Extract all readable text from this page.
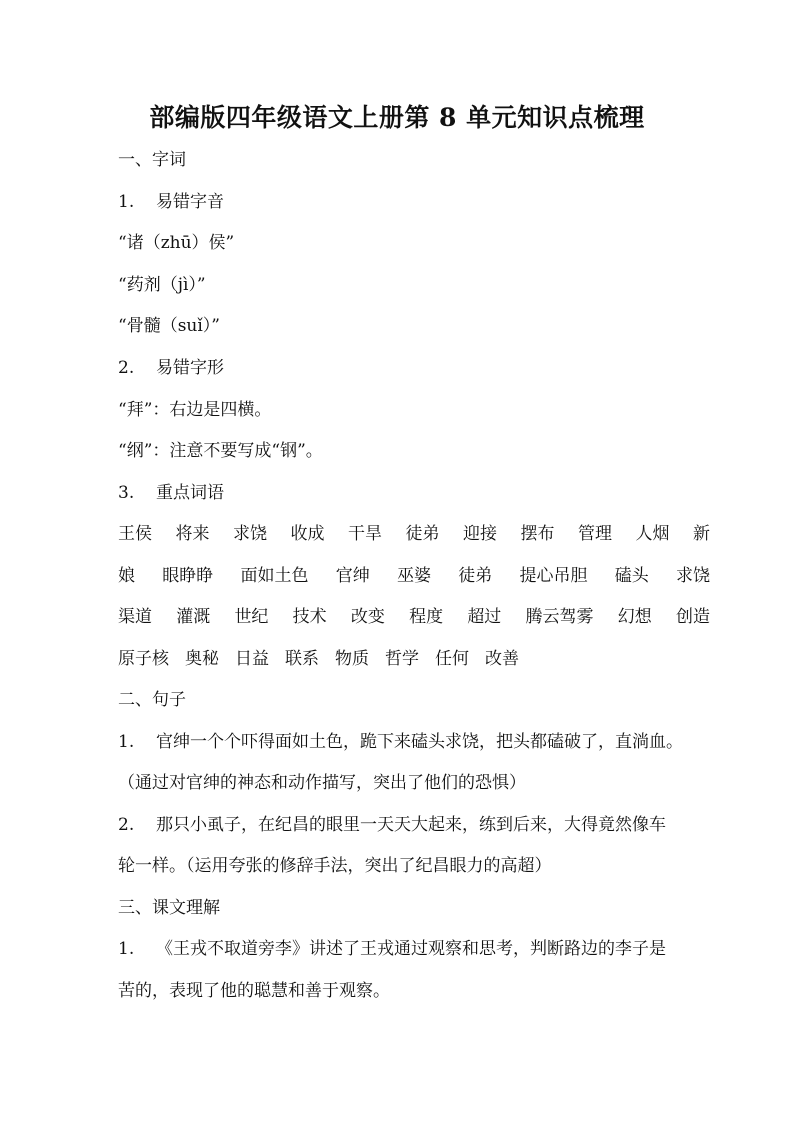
部编版四年级语文上册第 8 单元知识点梳理
一、字词
1. 易错字音
“诸（zhū）侯”
“药剂（jì）”
“骨髓（suǐ）”
2. 易错字形
“拜”：右边是四横。
“纲”：注意不要写成“钢”。
3. 重点词语
王侯 将来 求饶 收成 干旱 徒弟 迎接 摆布 管理 人烟 新
娘 眼睁睁 面如土色 官绅 巫婆 徒弟 提心吊胆 磕头 求饶
渠道 灌溉 世纪 技术 改变 程度 超过 腾云驾雾 幻想 创造
原子核 奥秘 日益 联系 物质 哲学 任何 改善
二、句子
1. 官绅一个个吓得面如土色，跪下来磕头求饶，把头都磕破了，直淌血。
（通过对官绅的神态和动作描写，突出了他们的恐惧）
2. 那只小虱子，在纪昌的眼里一天天大起来，练到后来，大得竟然像车
轮一样。（运用夸张的修辞手法，突出了纪昌眼力的高超）
三、课文理解
1. 《王戎不取道旁李》讲述了王戎通过观察和思考，判断路边的李子是
苦的，表现了他的聪慧和善于观察。
